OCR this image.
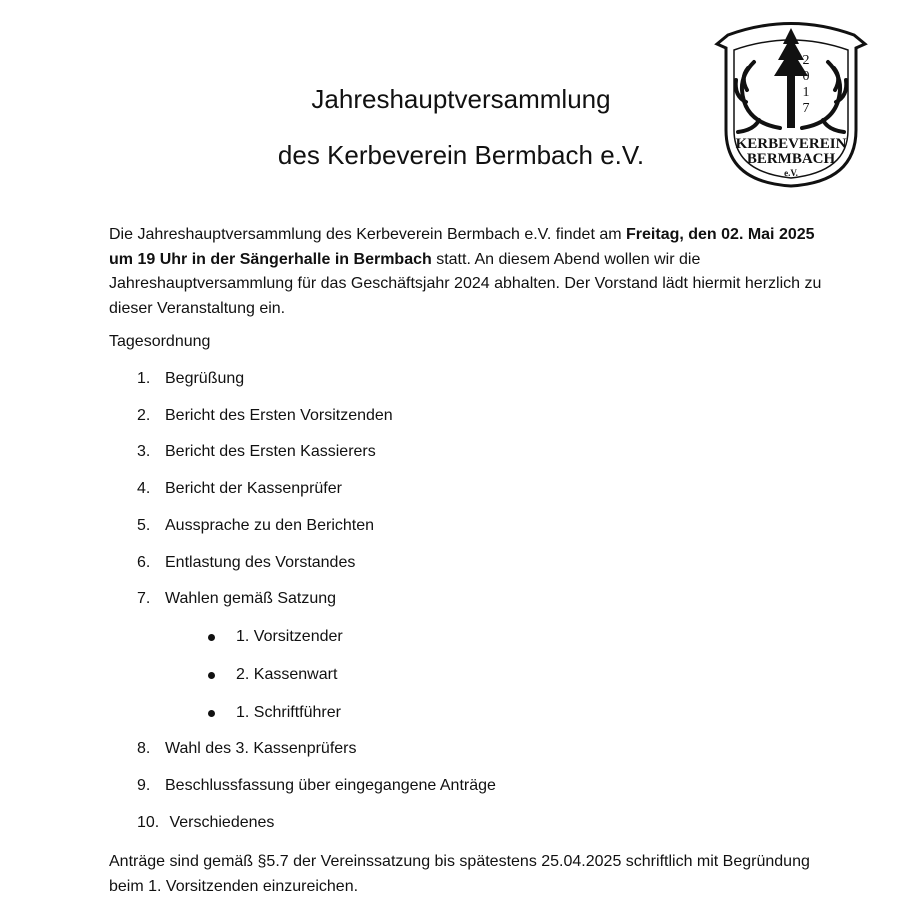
Jahreshauptversammlung
des Kerbeverein Bermbach e.V.
2
0
1
7
KERBEVEREIN
BERMBACH
e.V.

Die Jahreshauptversammlung des Kerbeverein Bermbach e.V. findet am Freitag, den 02. Mai 2025 um 19 Uhr in der Sängerhalle in Bermbach statt. An diesem Abend wollen wir die Jahreshauptversammlung für das Geschäftsjahr 2024 abhalten. Der Vorstand lädt hiermit herzlich zu dieser Veranstaltung ein.

Tagesordnung

1. Begrüßung
2. Bericht des Ersten Vorsitzenden
3. Bericht des Ersten Kassierers
4. Bericht der Kassenprüfer
5. Aussprache zu den Berichten
6. Entlastung des Vorstandes
7. Wahlen gemäß Satzung
1. Vorsitzender
2. Kassenwart
1. Schriftführer
8. Wahl des 3. Kassenprüfers
9. Beschlussfassung über eingegangene Anträge
10. Verschiedenes

Anträge sind gemäß §5.7 der Vereinssatzung bis spätestens 25.04.2025 schriftlich mit Begründung beim 1. Vorsitzenden einzureichen.
